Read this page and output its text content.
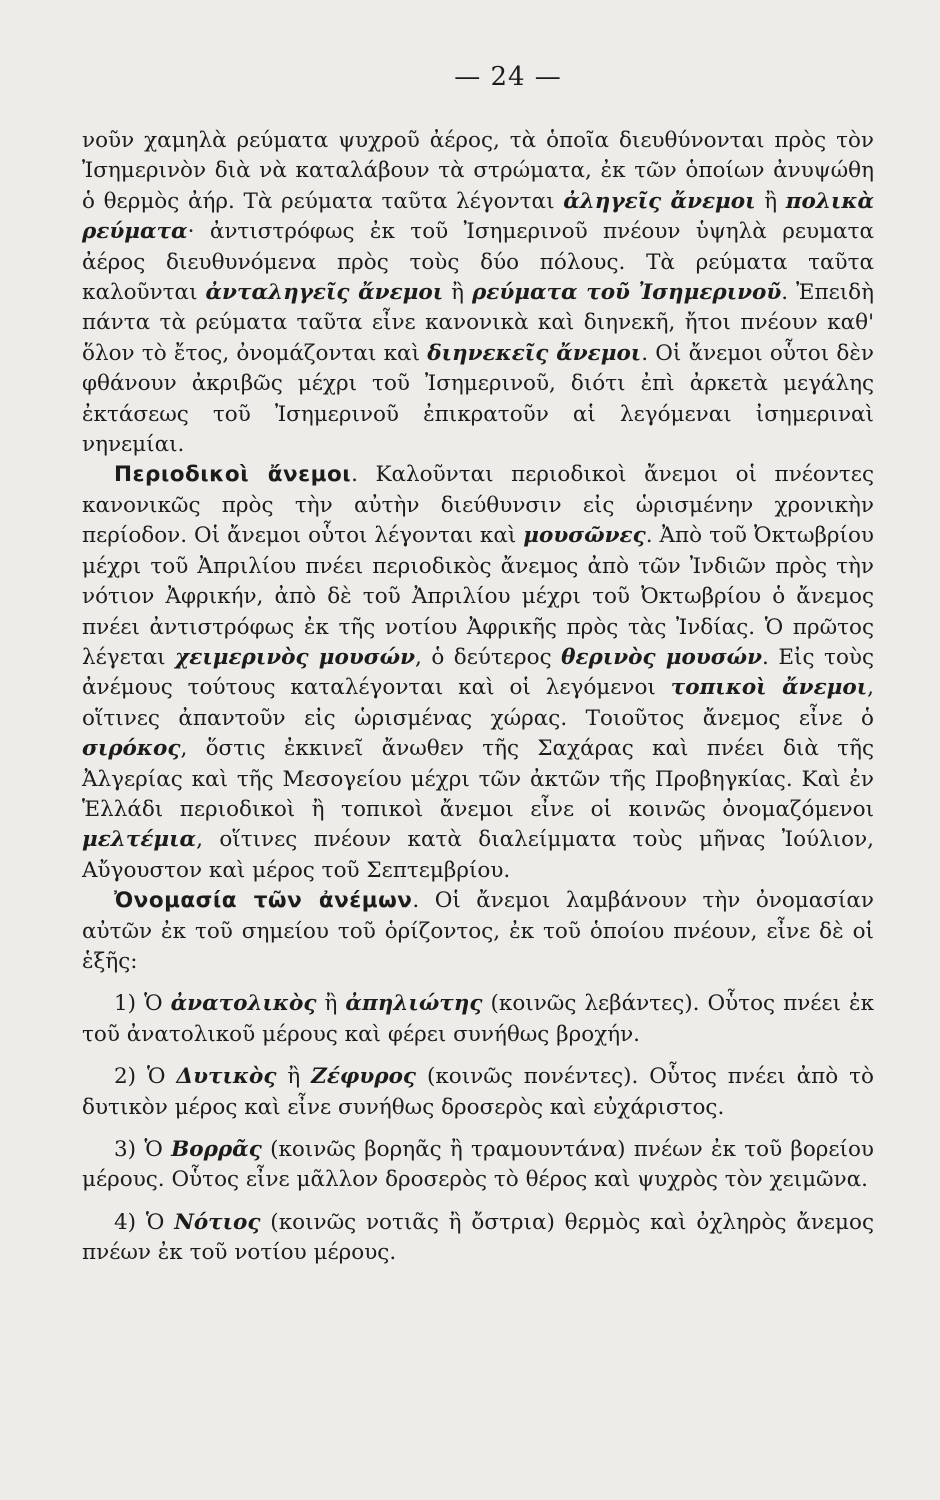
— 24 —

νοῦν χαμηλὰ ρεύματα ψυχροῦ ἀέρος, τὰ ὁποῖα διευθύνονται πρὸς τὸν Ἰσημερινὸν διὰ νὰ καταλάβουν τὰ στρώματα, ἐκ τῶν ὁποίων ἀνυψώθη ὁ θερμὸς ἀήρ. Τὰ ρεύματα ταῦτα λέγονται ἀληγεῖς ἄνεμοι ἢ πολικὰ ρεύματα· ἀντιστρόφως ἐκ τοῦ Ἰσημερινοῦ πνέουν ὑψηλὰ ρευματα ἀέρος διευθυνόμενα πρὸς τοὺς δύο πόλους. Τὰ ρεύματα ταῦτα καλοῦνται ἀνταληγεῖς ἄνεμοι ἢ ρεύματα τοῦ Ἰσημερινοῦ. Ἐπειδὴ πάντα τὰ ρεύματα ταῦτα εἶνε κανονικὰ καὶ διηνεκῆ, ἤτοι πνέουν καθ' ὅλον τὸ ἔτος, ὀνομάζονται καὶ διηνεκεῖς ἄνεμοι. Οἱ ἄνεμοι οὗτοι δὲν φθάνουν ἀκριβῶς μέχρι τοῦ Ἰσημερινοῦ, διότι ἐπὶ ἀρκετὰ μεγάλης ἐκτάσεως τοῦ Ἰσημερινοῦ ἐπικρατοῦν αἱ λεγόμεναι ἰσημεριναὶ νηνεμίαι.

Περιοδικοὶ ἄνεμοι. Καλοῦνται περιοδικοὶ ἄνεμοι οἱ πνέοντες κανονικῶς πρὸς τὴν αὐτὴν διεύθυνσιν εἰς ὡρισμένην χρονικὴν περίοδον. Οἱ ἄνεμοι οὗτοι λέγονται καὶ μουσῶνες. Ἀπὸ τοῦ Ὀκτωβρίου μέχρι τοῦ Ἀπριλίου πνέει περιοδικὸς ἄνεμος ἀπὸ τῶν Ἰνδιῶν πρὸς τὴν νότιον Ἀφρικήν, ἀπὸ δὲ τοῦ Ἀπριλίου μέχρι τοῦ Ὀκτωβρίου ὁ ἄνεμος πνέει ἀντιστρόφως ἐκ τῆς νοτίου Ἀφρικῆς πρὸς τὰς Ἰνδίας. Ὁ πρῶτος λέγεται χειμερινὸς μουσών, ὁ δεύτερος θερινὸς μουσών. Εἰς τοὺς ἀνέμους τούτους καταλέγονται καὶ οἱ λεγόμενοι τοπικοὶ ἄνεμοι, οἵτινες ἀπαντοῦν εἰς ὡρισμένας χώρας. Τοιοῦτος ἄνεμος εἶνε ὁ σιρόκος, ὅστις ἐκκινεῖ ἄνωθεν τῆς Σαχάρας καὶ πνέει διὰ τῆς Ἀλγερίας καὶ τῆς Μεσογείου μέχρι τῶν ἀκτῶν τῆς Προβηγκίας. Καὶ ἐν Ἑλλάδι περιοδικοὶ ἢ τοπικοὶ ἄνεμοι εἶνε οἱ κοινῶς ὀνομαζόμενοι μελτέμια, οἵτινες πνέουν κατὰ διαλείμματα τοὺς μῆνας Ἰούλιον, Αὔγουστον καὶ μέρος τοῦ Σεπτεμβρίου.

Ὀνομασία τῶν ἀνέμων. Οἱ ἄνεμοι λαμβάνουν τὴν ὀνομασίαν αὐτῶν ἐκ τοῦ σημείου τοῦ ὁρίζοντος, ἐκ τοῦ ὁποίου πνέουν, εἶνε δὲ οἱ ἑξῆς:

1) Ὁ ἀνατολικὸς ἢ ἀπηλιώτης (κοινῶς λεβάντες). Οὗτος πνέει ἐκ τοῦ ἀνατολικοῦ μέρους καὶ φέρει συνήθως βροχήν.

2) Ὁ Δυτικὸς ἢ Ζέφυρος (κοινῶς πονέντες). Οὗτος πνέει ἀπὸ τὸ δυτικὸν μέρος καὶ εἶνε συνήθως δροσερὸς καὶ εὐχάριστος.

3) Ὁ Βορρᾶς (κοινῶς βορηᾶς ἢ τραμουντάνα) πνέων ἐκ τοῦ βορείου μέρους. Οὗτος εἶνε μᾶλλον δροσερὸς τὸ θέρος καὶ ψυχρὸς τὸν χειμῶνα.

4) Ὁ Νότιος (κοινῶς νοτιᾶς ἢ ὄστρια) θερμὸς καὶ ὀχληρὸς ἄνεμος πνέων ἐκ τοῦ νοτίου μέρους.
